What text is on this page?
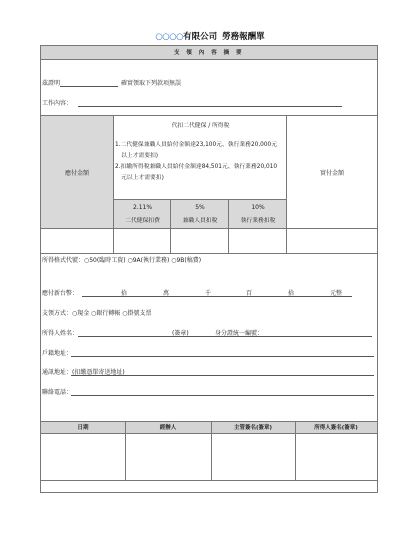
○○○○有限公司 勞務報酬單
支 領 內 容 摘 要
茲證明	確實領取下列款項無誤
工作內容：
應付金額
代扣二代健保 / 所得稅
1.二代健保兼職人員給付金額達23,100元、執行業務20,000元
以上才需要扣)
2.扣繳所得稅兼職人員給付金額達84,501元、執行業務20,010
元以上才需要扣)
實付金額
2.11%
二代健保扣費
5%
兼職人員扣稅
10%
執行業務扣稅
所得格式代號：○50(臨時工資) ○9A(執行業務) ○9B(稿費)
應付新台幣：	拾	萬	千	百	拾	元整
支領方式：○現金 ○銀行轉帳 ○掛號支票
所得人姓名：	(簽章)	身分證統一編號：
戶籍地址：
通訊地址：(扣繳憑單寄送地址)
聯絡電話：
日期	經辦人	主管簽名(簽章)	所得人簽名(簽章)
